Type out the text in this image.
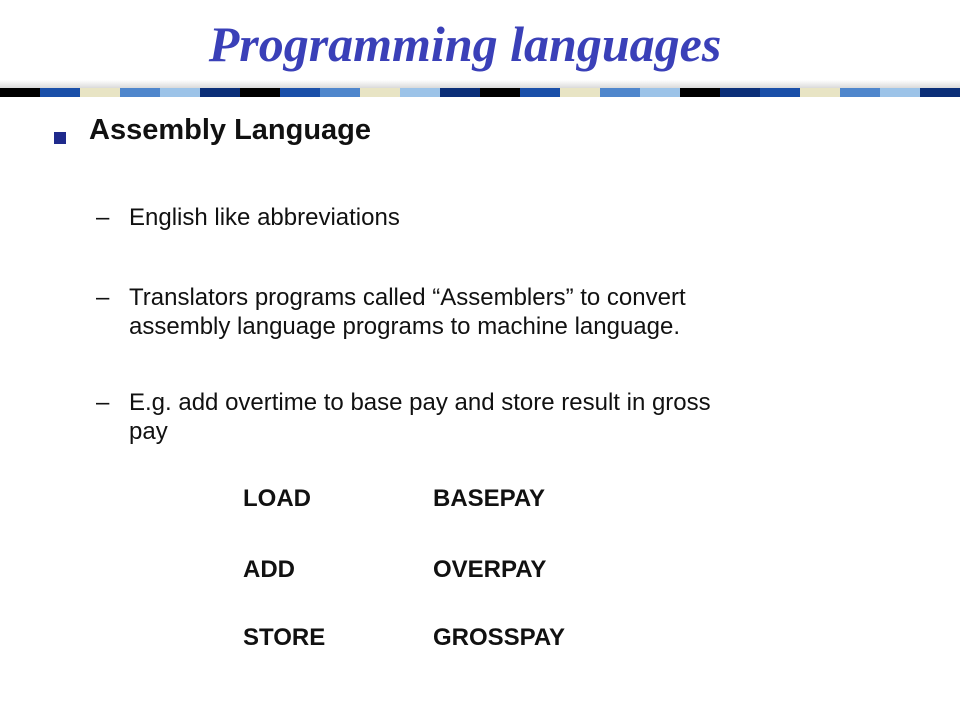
Programming languages
Assembly Language
– English like abbreviations
– Translators programs called “Assemblers” to convert
assembly language programs to machine language.
– E.g. add overtime to base pay and store result in gross
pay
LOAD	BASEPAY
ADD	OVERPAY
STORE	GROSSPAY
